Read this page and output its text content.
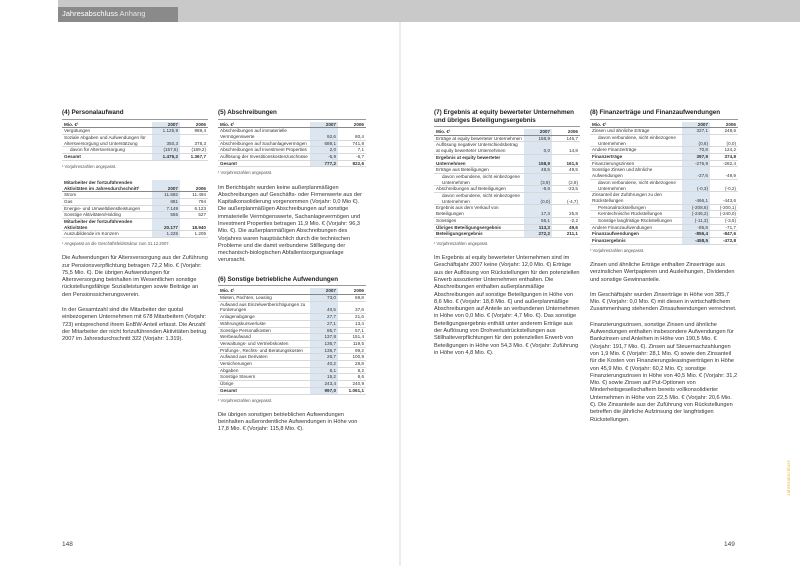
Jahresabschluss Anhang
(4) Personalaufwand
Mio. €¹	2007	2006
Vergütungen	1.125,9	989,4
Soziale Abgaben und Aufwendungen für Altersversorgung und Unterstützung	350,3	378,3
davon für Altersversorgung	(157,5)	(189,2)
Gesamt	1.476,2	1.367,7
¹ Vorjahreszahlen angepasst.
Mitarbeiter der fortzuführenden Aktivitäten im Jahresdurchschnitt¹	2007	2006
Strom	11.592	11.494
Gas	881	794
Energie- und Umweltdienstleistungen	7.149	6.123
Sonstige Aktivitäten/Holding	555	527
Mitarbeiter der fortzuführenden Aktivitäten	20.177	18.940
Auszubildende im Konzern	1.225	1.205
¹ Angepasst an die Geschäftsfeldstruktur zum 31.12.2007.
Die Aufwendungen für Altersversorgung aus der Zuführung zur Pensionsverpflichtung betragen 72,2 Mio. € (Vorjahr: 75,5 Mio. €). Die übrigen Aufwendungen für Altersversorgung beinhalten im Wesentlichen sonstige rückstellungsfähige Sozialleistungen sowie Beiträge an den Pensionssicherungsverein.
In der Gesamtzahl sind die Mitarbeiter der quotal einbezogenen Unternehmen mit 678 Mitarbeitern (Vorjahr: 723) entsprechend ihrem EnBW-Anteil erfasst. Die Anzahl der Mitarbeiter der nicht fortzuführenden Aktivitäten betrug 2007 im Jahresdurchschnitt 322 (Vorjahr: 1.319).
(5) Abschreibungen
Mio. €¹	2007	2006
Abschreibungen auf immaterielle Vermögenswerte	92,6	80,4
Abschreibungen auf Sachanlagevermögen	689,1	741,8
Abschreibungen auf Investment Properties	2,0	7,1
Auflösung der Investitionskostenzuschüsse	-5,9	-6,7
Gesamt	777,2	822,6
¹ Vorjahreszahlen angepasst.
Im Berichtsjahr wurden keine außerplanmäßigen Abschreibungen auf Geschäfts- oder Firmenwerte aus der Kapitalkonsolidierung vorgenommen (Vorjahr: 0,0 Mio €). Die außerplanmäßigen Abschreibungen auf sonstige immaterielle Vermögenswerte, Sachanlagevermögen und Investment Properties betragen 11,9 Mio. € (Vorjahr: 96,3 Mio. €). Die außerplanmäßigen Abschreibungen des Vorjahres waren hauptsächlich durch die technischen Probleme und die damit verbundene Stilllegung der mechanisch-biologischen Abfallentsorgungsanlage verursacht.
(6) Sonstige betriebliche Aufwendungen
Mio. €¹	2007	2006
Mieten, Pachten, Leasing	73,0	69,8
Aufwand aus Einzelwertberichtigungen zu Forderungen	40,5	37,6
Anlagenabgänge	27,7	21,6
Währungskursverluste	27,1	13,4
Sonstige Personalkosten	85,7	57,1
Werbeaufwand	137,8	151,4
Verwaltungs- und Vertriebskosten	136,7	119,5
Prüfungs-, Rechts- und Beratungskosten	136,7	99,2
Aufwand aus Derivaten	26,7	100,9
Versicherungen	40,2	28,8
Abgaben	8,1	8,2
Sonstige Steuern	15,2	8,6
Übrige	243,4	240,9
Gesamt	997,0	1.061,1
¹ Vorjahreszahlen angepasst.
Die übrigen sonstigen betrieblichen Aufwendungen beinhalten außerordentliche Aufwendungen in Höhe von 17,8 Mio. € (Vorjahr: 115,8 Mio. €).
(7) Ergebnis at equity bewerteter Unternehmen und übriges Beteiligungsergebnis
Mio. €¹	2007	2006
Erträge at equity bewerteter Unternehmen	158,9	146,7
Auflösung negativer Unterschiedsbetrag at equity bewerteter Unternehmen	0,0	14,8
Ergebnis at equity bewerteter Unternehmen	158,9	161,5
Erträge aus Beteiligungen	48,5	49,5
davon verbundene, nicht einbezogene Unternehmen	(3,9)	(2,8)
Abschreibungen auf Beteiligungen	-8,6	-23,5
davon verbundene, nicht einbezogene Unternehmen	(0,0)	(-4,7)
Ergebnis aus dem Verkauf von Beteiligungen	17,3	25,8
Sonstiges	56,1	-2,2
Übriges Beteiligungsergebnis	113,3	49,6
Beteiligungsergebnis	272,2	211,1
¹ Vorjahreszahlen angepasst.
Im Ergebnis at equity bewerteter Unternehmen sind im Geschäftsjahr 2007 keine (Vorjahr: 12,0 Mio. €) Erträge aus der Auflösung von Rückstellungen für den potenziellen Erwerb assoziierter Unternehmen enthalten. Die Abschreibungen enthalten außerplanmäßige Abschreibungen auf sonstige Beteiligungen in Höhe von 8,6 Mio. € (Vorjahr: 18,8 Mio. €) und außerplanmäßige Abschreibungen auf Anteile an verbundenen Unternehmen in Höhe von 0,0 Mio. € (Vorjahr: 4,7 Mio. €). Das sonstige Beteiligungsergebnis enthält unter anderem Erträge aus der Auflösung von Drohverlustrückstellungen aus Stillhalteverpflichtungen für den potenziellen Erwerb von Beteiligungen in Höhe von 54,3 Mio. € (Vorjahr: Zuführung in Höhe von 4,8 Mio. €).
(8) Finanzerträge und Finanzaufwendungen
Mio. €¹	2007	2006
Zinsen und ähnliche Erträge	327,1	248,6
davon verbundene, nicht einbezogene Unternehmen	(0,6)	(0,0)
Andere Finanzerträge	70,8	124,2
Finanzerträge	397,9	374,8
Finanzierungszinsen	-276,9	-282,4
Sonstige Zinsen und ähnliche Aufwendungen	-27,6	-49,9
davon verbundene, nicht einbezogene Unternehmen	(-0,3)	(-0,2)
Zinsanteil der Zuführungen zu den Rückstellungen	-466,1	-443,6
Personalrückstellungen	(-208,6)	(-200,1)
Kerntechnische Rückstellungen	(-246,2)	(-240,0)
Sonstige langfristige Rückstellungen	(-11,3)	(-3,5)
Andere Finanzaufwendungen	-85,8	-71,7
Finanzaufwendungen	-856,4	-847,6
Finanzergebnis	-458,5	-472,8
¹ Vorjahreszahlen angepasst.
Zinsen und ähnliche Erträge enthalten Zinserträge aus verzinslichen Wertpapieren und Ausleihungen, Dividenden und sonstige Gewinnanteile.
Im Geschäftsjahr wurden Zinserträge in Höhe von 385,7 Mio. € (Vorjahr: 0,0 Mio. €) mit diesen in wirtschaftlichem Zusammenhang stehenden Zinsaufwendungen verrechnet.
Finanzierungszinsen, sonstige Zinsen und ähnliche Aufwendungen enthalten insbesondere Aufwendungen für Bankzinsen und Anleihen in Höhe von 190,5 Mio. € (Vorjahr: 191,7 Mio. €). Zinsen auf Steuernachzahlungen von 1,9 Mio. € (Vorjahr: 28,1 Mio. €) sowie den Zinsanteil für die Kosten von Finanzierungsleasingverträgen in Höhe von 45,9 Mio. € (Vorjahr: 60,2 Mio. €); sonstige Finanzierungszinsen in Höhe von 40,5 Mio. € (Vorjahr: 31,2 Mio. €) sowie Zinsen auf Put-Optionen von Minderheitsgesellschaftern bereits vollkonsolidierter Unternehmen in Höhe von 22,5 Mio. € (Vorjahr: 20,6 Mio. €). Die Zinsanteile aus der Zuführung von Rückstellungen betreffen die jährliche Aufzinsung der langfristigen Rückstellungen.
148	149
Jahresabschluss
